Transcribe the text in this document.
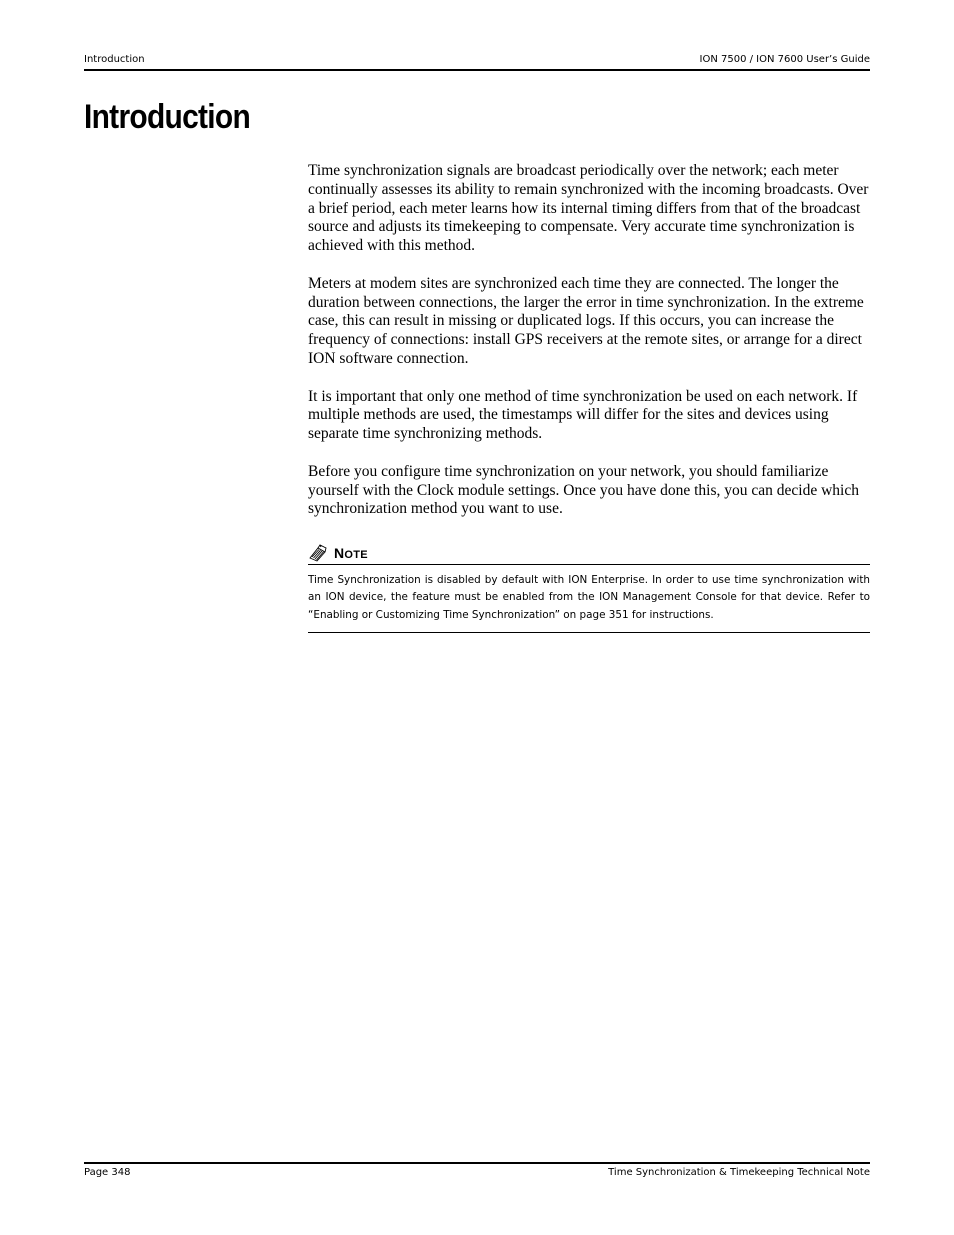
Introduction	ION 7500 / ION 7600 User’s Guide
Introduction

Time synchronization signals are broadcast periodically over the network; each meter continually assesses its ability to remain synchronized with the incoming broadcasts. Over a brief period, each meter learns how its internal timing differs from that of the broadcast source and adjusts its timekeeping to compensate. Very accurate time synchronization is achieved with this method.

Meters at modem sites are synchronized each time they are connected. The longer the duration between connections, the larger the error in time synchronization. In the extreme case, this can result in missing or duplicated logs. If this occurs, you can increase the frequency of connections: install GPS receivers at the remote sites, or arrange for a direct ION software connection.

It is important that only one method of time synchronization be used on each network. If multiple methods are used, the timestamps will differ for the sites and devices using separate time synchronizing methods.

Before you configure time synchronization on your network, you should familiarize yourself with the Clock module settings. Once you have done this, you can decide which synchronization method you want to use.

NOTE
Time Synchronization is disabled by default with ION Enterprise. In order to use time synchronization with an ION device, the feature must be enabled from the ION Management Console for that device. Refer to “Enabling or Customizing Time Synchronization” on page 351 for instructions.
Page 348	Time Synchronization & Timekeeping Technical Note
